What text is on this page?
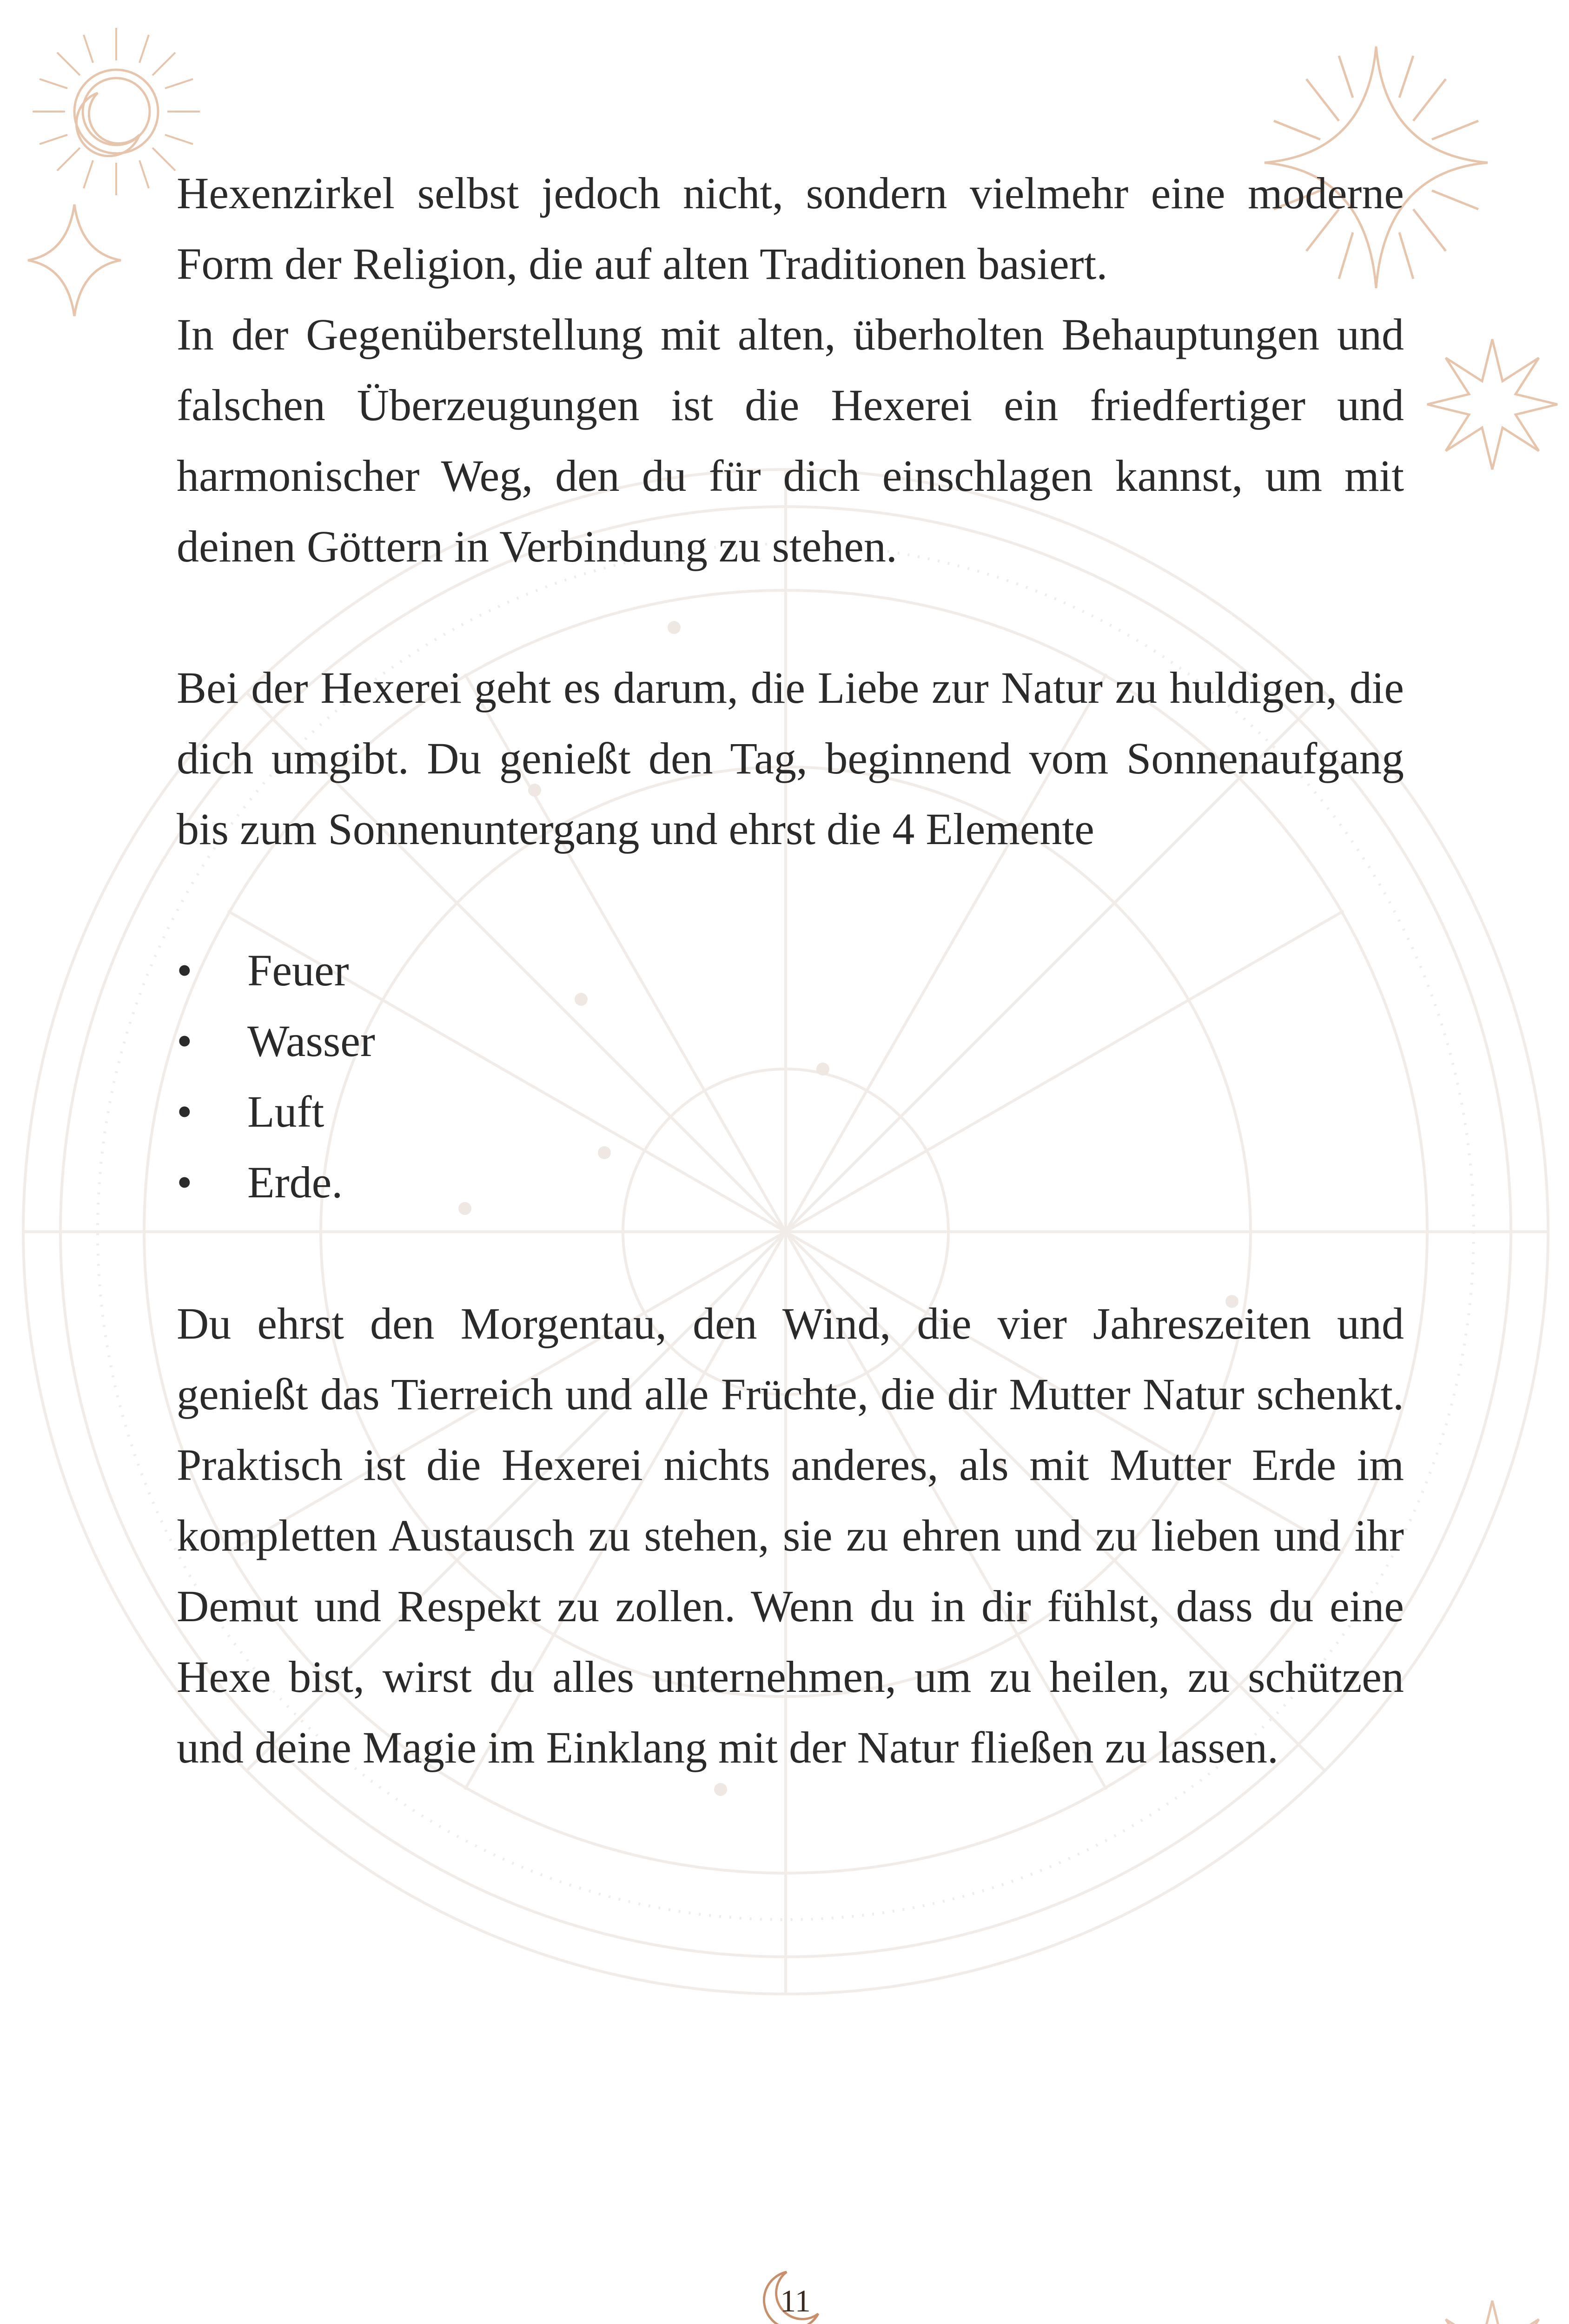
Hexenzirkel selbst jedoch nicht, sondern vielmehr eine moderne Form der Religion, die auf alten Traditionen basiert.

In der Gegenüberstellung mit alten, überholten Behauptungen und falschen Überzeugungen ist die Hexerei ein friedfertiger und harmonischer Weg, den du für dich einschlagen kannst, um mit deinen Göttern in Verbindung zu stehen.

Bei der Hexerei geht es darum, die Liebe zur Natur zu huldigen, die dich umgibt. Du genießt den Tag, beginnend vom Sonnenaufgang bis zum Sonnenuntergang und ehrst die 4 Elemente

• Feuer
• Wasser
• Luft
• Erde.

Du ehrst den Morgentau, den Wind, die vier Jahreszeiten und genießt das Tierreich und alle Früchte, die dir Mutter Natur schenkt. Praktisch ist die Hexerei nichts anderes, als mit Mutter Erde im kompletten Austausch zu stehen, sie zu ehren und zu lieben und ihr Demut und Respekt zu zollen. Wenn du in dir fühlst, dass du eine Hexe bist, wirst du alles unternehmen, um zu heilen, zu schützen und deine Magie im Einklang mit der Natur fließen zu lassen.

11
